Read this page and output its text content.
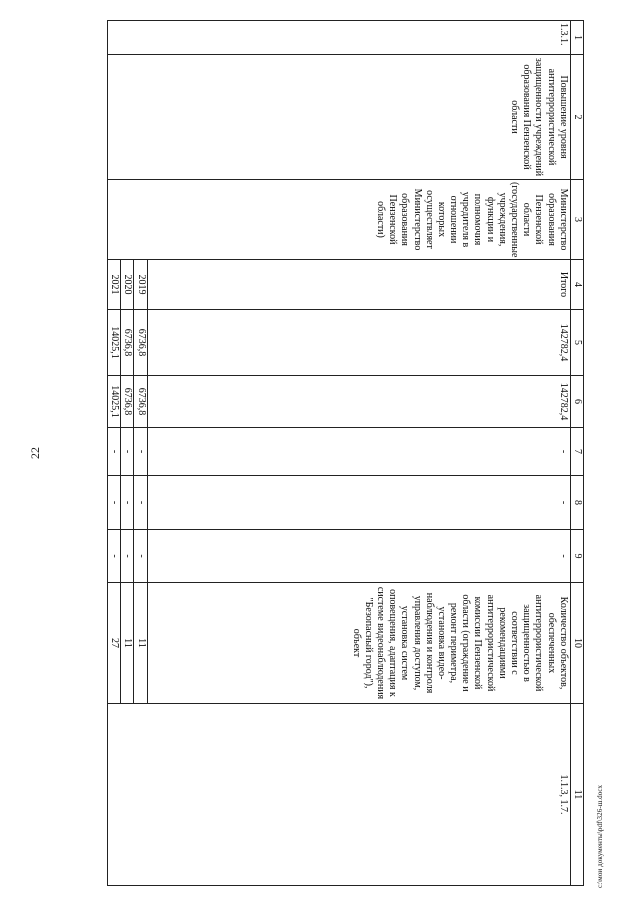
22
1	2	3	4	5	6	7	8	9	10	11
1.3.1.	Повышение уровня антитеррористической защищенности учреждений образования Пензенской области	Министерство образования Пензенской области (государственные учреждения, функции и полномочия учредителя в отношении которых осуществляет Министерство образования Пензенской области)	Итого	142782,4	142782,4	-	-	-	Количество объектов, обеспеченных антитеррористической защищенностью в соответствии с рекомендациями антитеррористической комиссии Пензенской области (ограждение и ремонт периметра, установка видео-наблюдения и контроля управления доступом, установка систем оповещения, адаптация к системе видеонаблюдения "Безопасный город"), объект	1.1.3, 1.7.
			2019	6736,8	6736,8	-	-	-	11	
			2020	6736,8	6736,8	-	-	-	11	
			2021	14025,1	14025,1	-	-	-	27	
c:\мои документы\pdf\326-ш.docx
